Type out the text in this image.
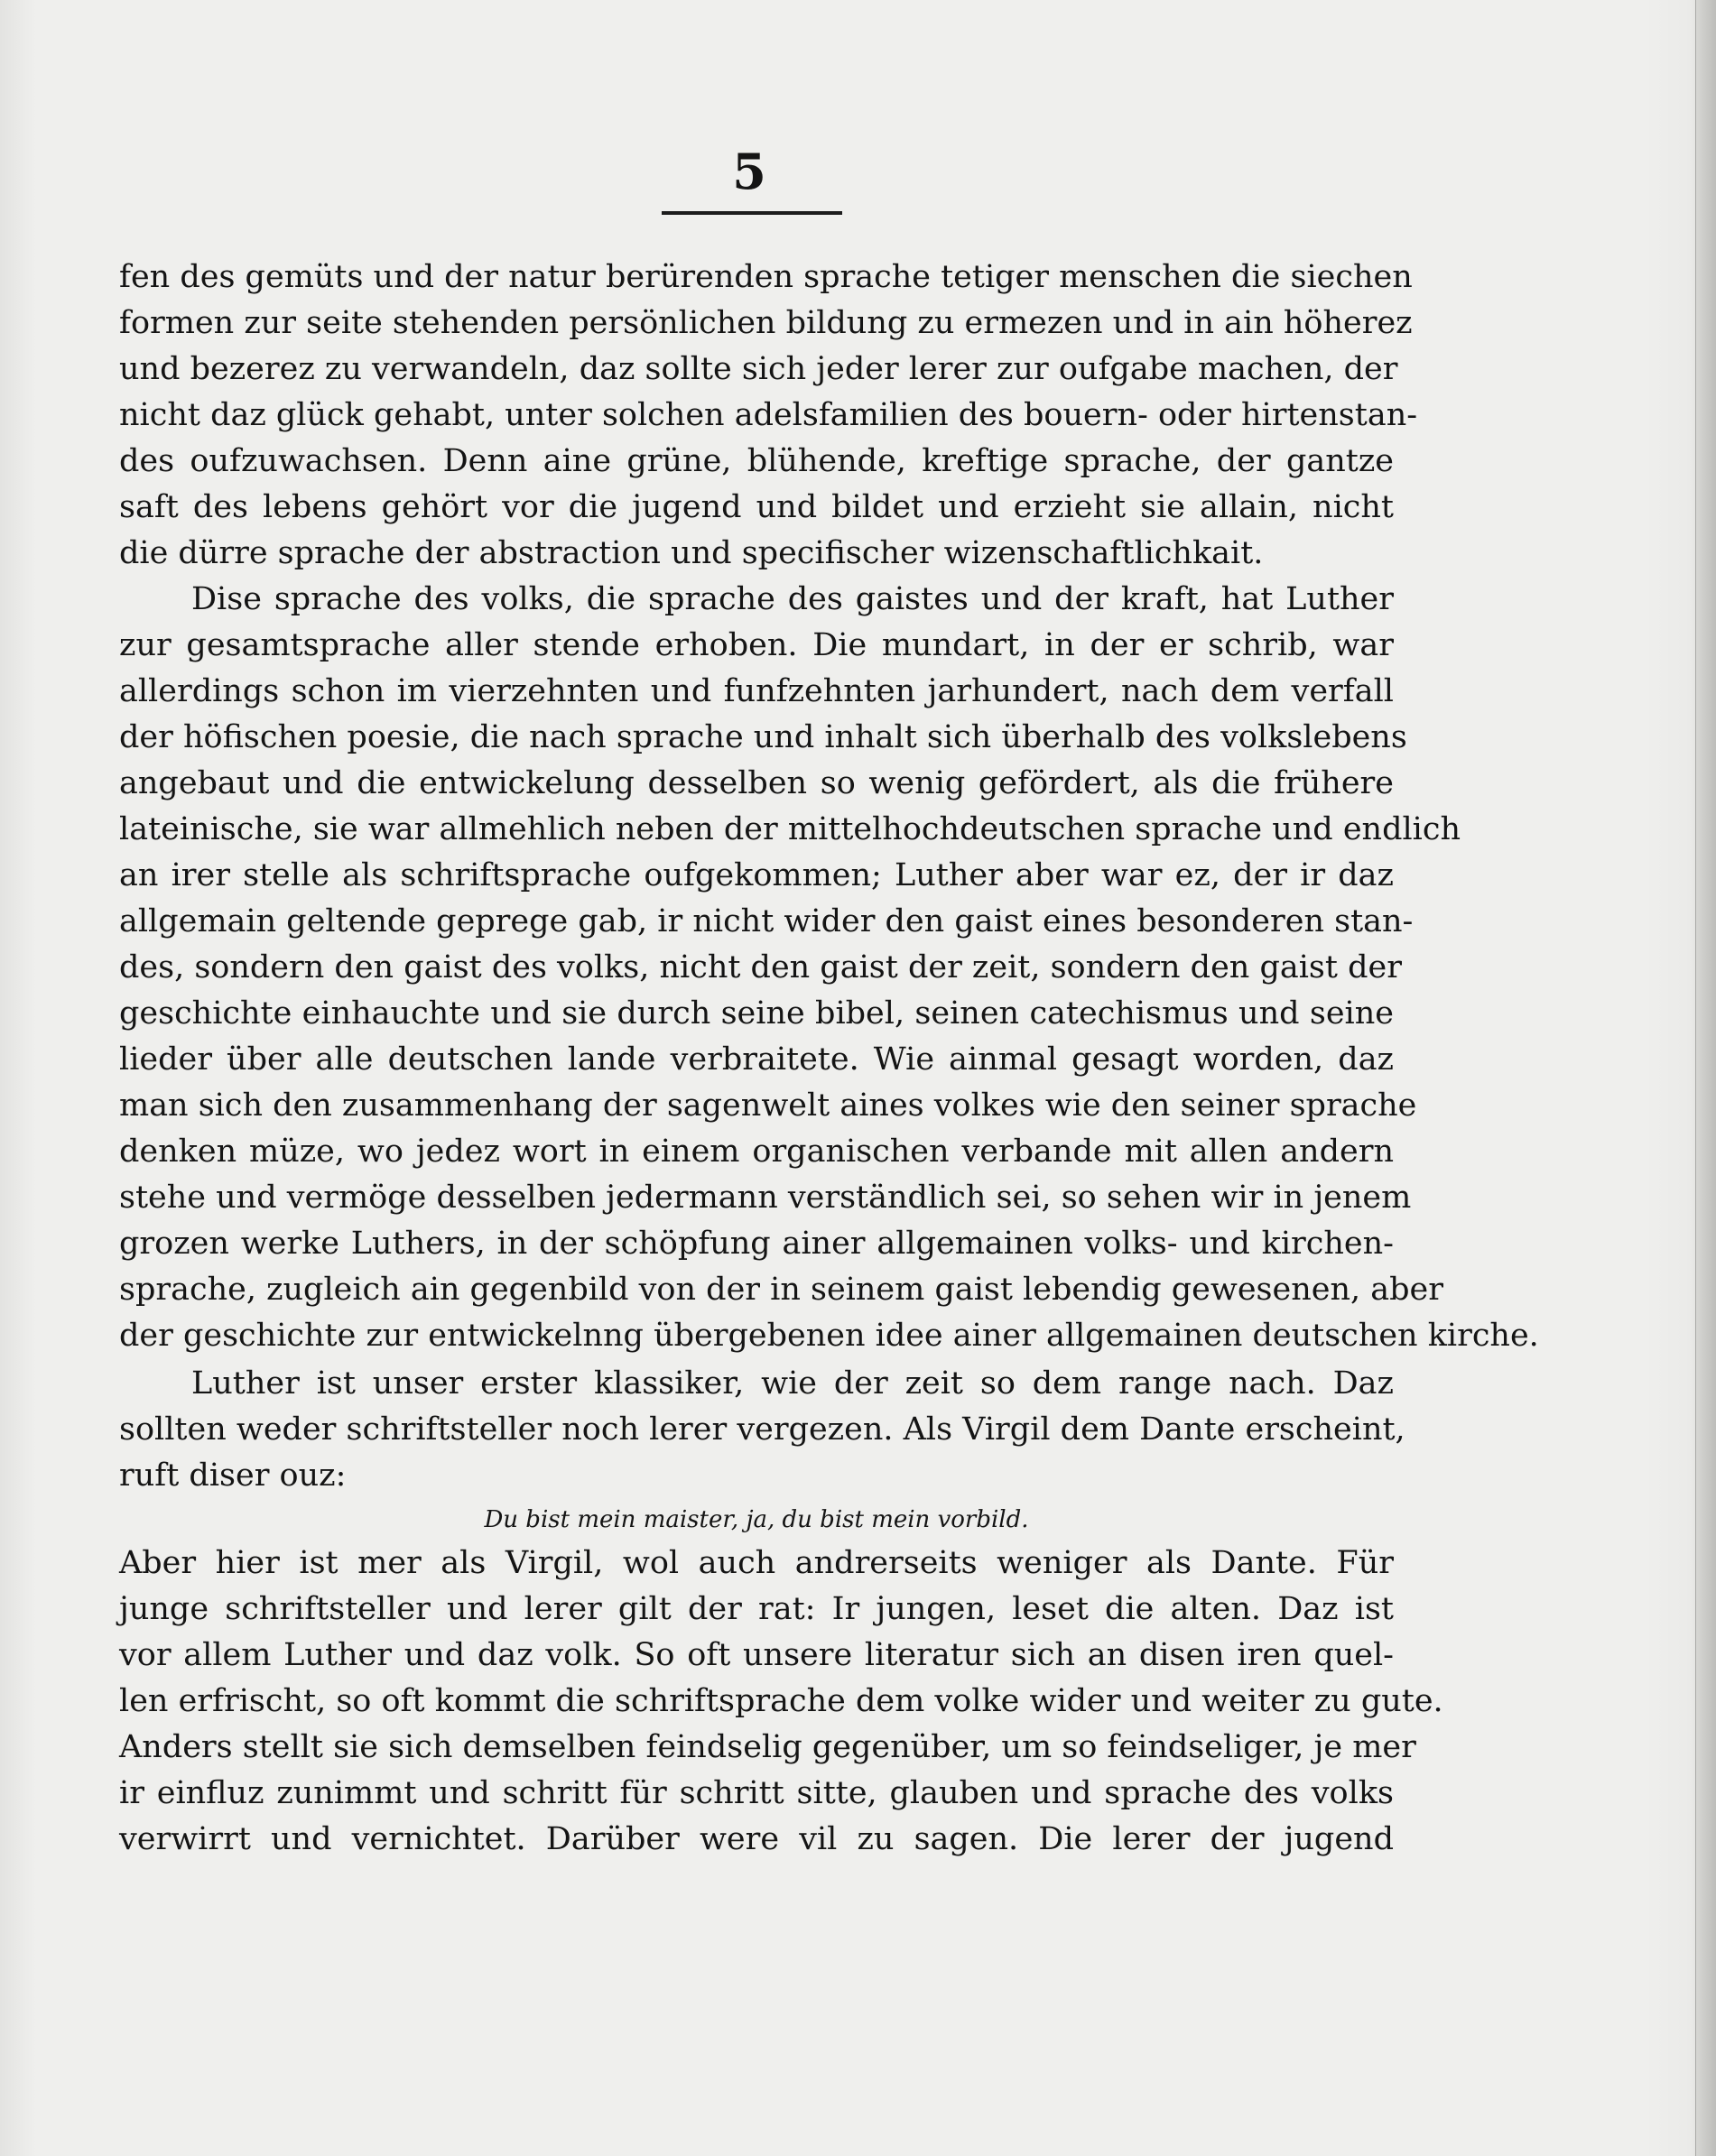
5
fen des gemüts und der natur berürenden sprache tetiger menschen die siechen
formen zur seite stehenden persönlichen bildung zu ermezen und in ain höherez
und bezerez zu verwandeln, daz sollte sich jeder lerer zur oufgabe machen, der
nicht daz glück gehabt, unter solchen adelsfamilien des bouern- oder hirtenstan-
des oufzuwachsen. Denn aine grüne, blühende, kreftige sprache, der gantze
saft des lebens gehört vor die jugend und bildet und erzieht sie allain, nicht
die dürre sprache der abstraction und specifischer wizenschaftlichkait.
Dise sprache des volks, die sprache des gaistes und der kraft, hat Luther
zur gesamtsprache aller stende erhoben. Die mundart, in der er schrib, war
allerdings schon im vierzehnten und funfzehnten jarhundert, nach dem verfall
der höfischen poesie, die nach sprache und inhalt sich überhalb des volkslebens
angebaut und die entwickelung desselben so wenig gefördert, als die frühere
lateinische, sie war allmehlich neben der mittelhochdeutschen sprache und endlich
an irer stelle als schriftsprache oufgekommen; Luther aber war ez, der ir daz
allgemain geltende geprege gab, ir nicht wider den gaist eines besonderen stan-
des, sondern den gaist des volks, nicht den gaist der zeit, sondern den gaist der
geschichte einhauchte und sie durch seine bibel, seinen catechismus und seine
lieder über alle deutschen lande verbraitete. Wie ainmal gesagt worden, daz
man sich den zusammenhang der sagenwelt aines volkes wie den seiner sprache
denken müze, wo jedez wort in einem organischen verbande mit allen andern
stehe und vermöge desselben jedermann verständlich sei, so sehen wir in jenem
grozen werke Luthers, in der schöpfung ainer allgemainen volks- und kirchen-
sprache, zugleich ain gegenbild von der in seinem gaist lebendig gewesenen, aber
der geschichte zur entwickelnng übergebenen idee ainer allgemainen deutschen kirche.
Luther ist unser erster klassiker, wie der zeit so dem range nach. Daz
sollten weder schriftsteller noch lerer vergezen. Als Virgil dem Dante erscheint,
ruft diser ouz:
Du bist mein maister, ja, du bist mein vorbild.
Aber hier ist mer als Virgil, wol auch andrerseits weniger als Dante. Für
junge schriftsteller und lerer gilt der rat: Ir jungen, leset die alten. Daz ist
vor allem Luther und daz volk. So oft unsere literatur sich an disen iren quel-
len erfrischt, so oft kommt die schriftsprache dem volke wider und weiter zu gute.
Anders stellt sie sich demselben feindselig gegenüber, um so feindseliger, je mer
ir einfluz zunimmt und schritt für schritt sitte, glauben und sprache des volks
verwirrt und vernichtet. Darüber were vil zu sagen. Die lerer der jugend
